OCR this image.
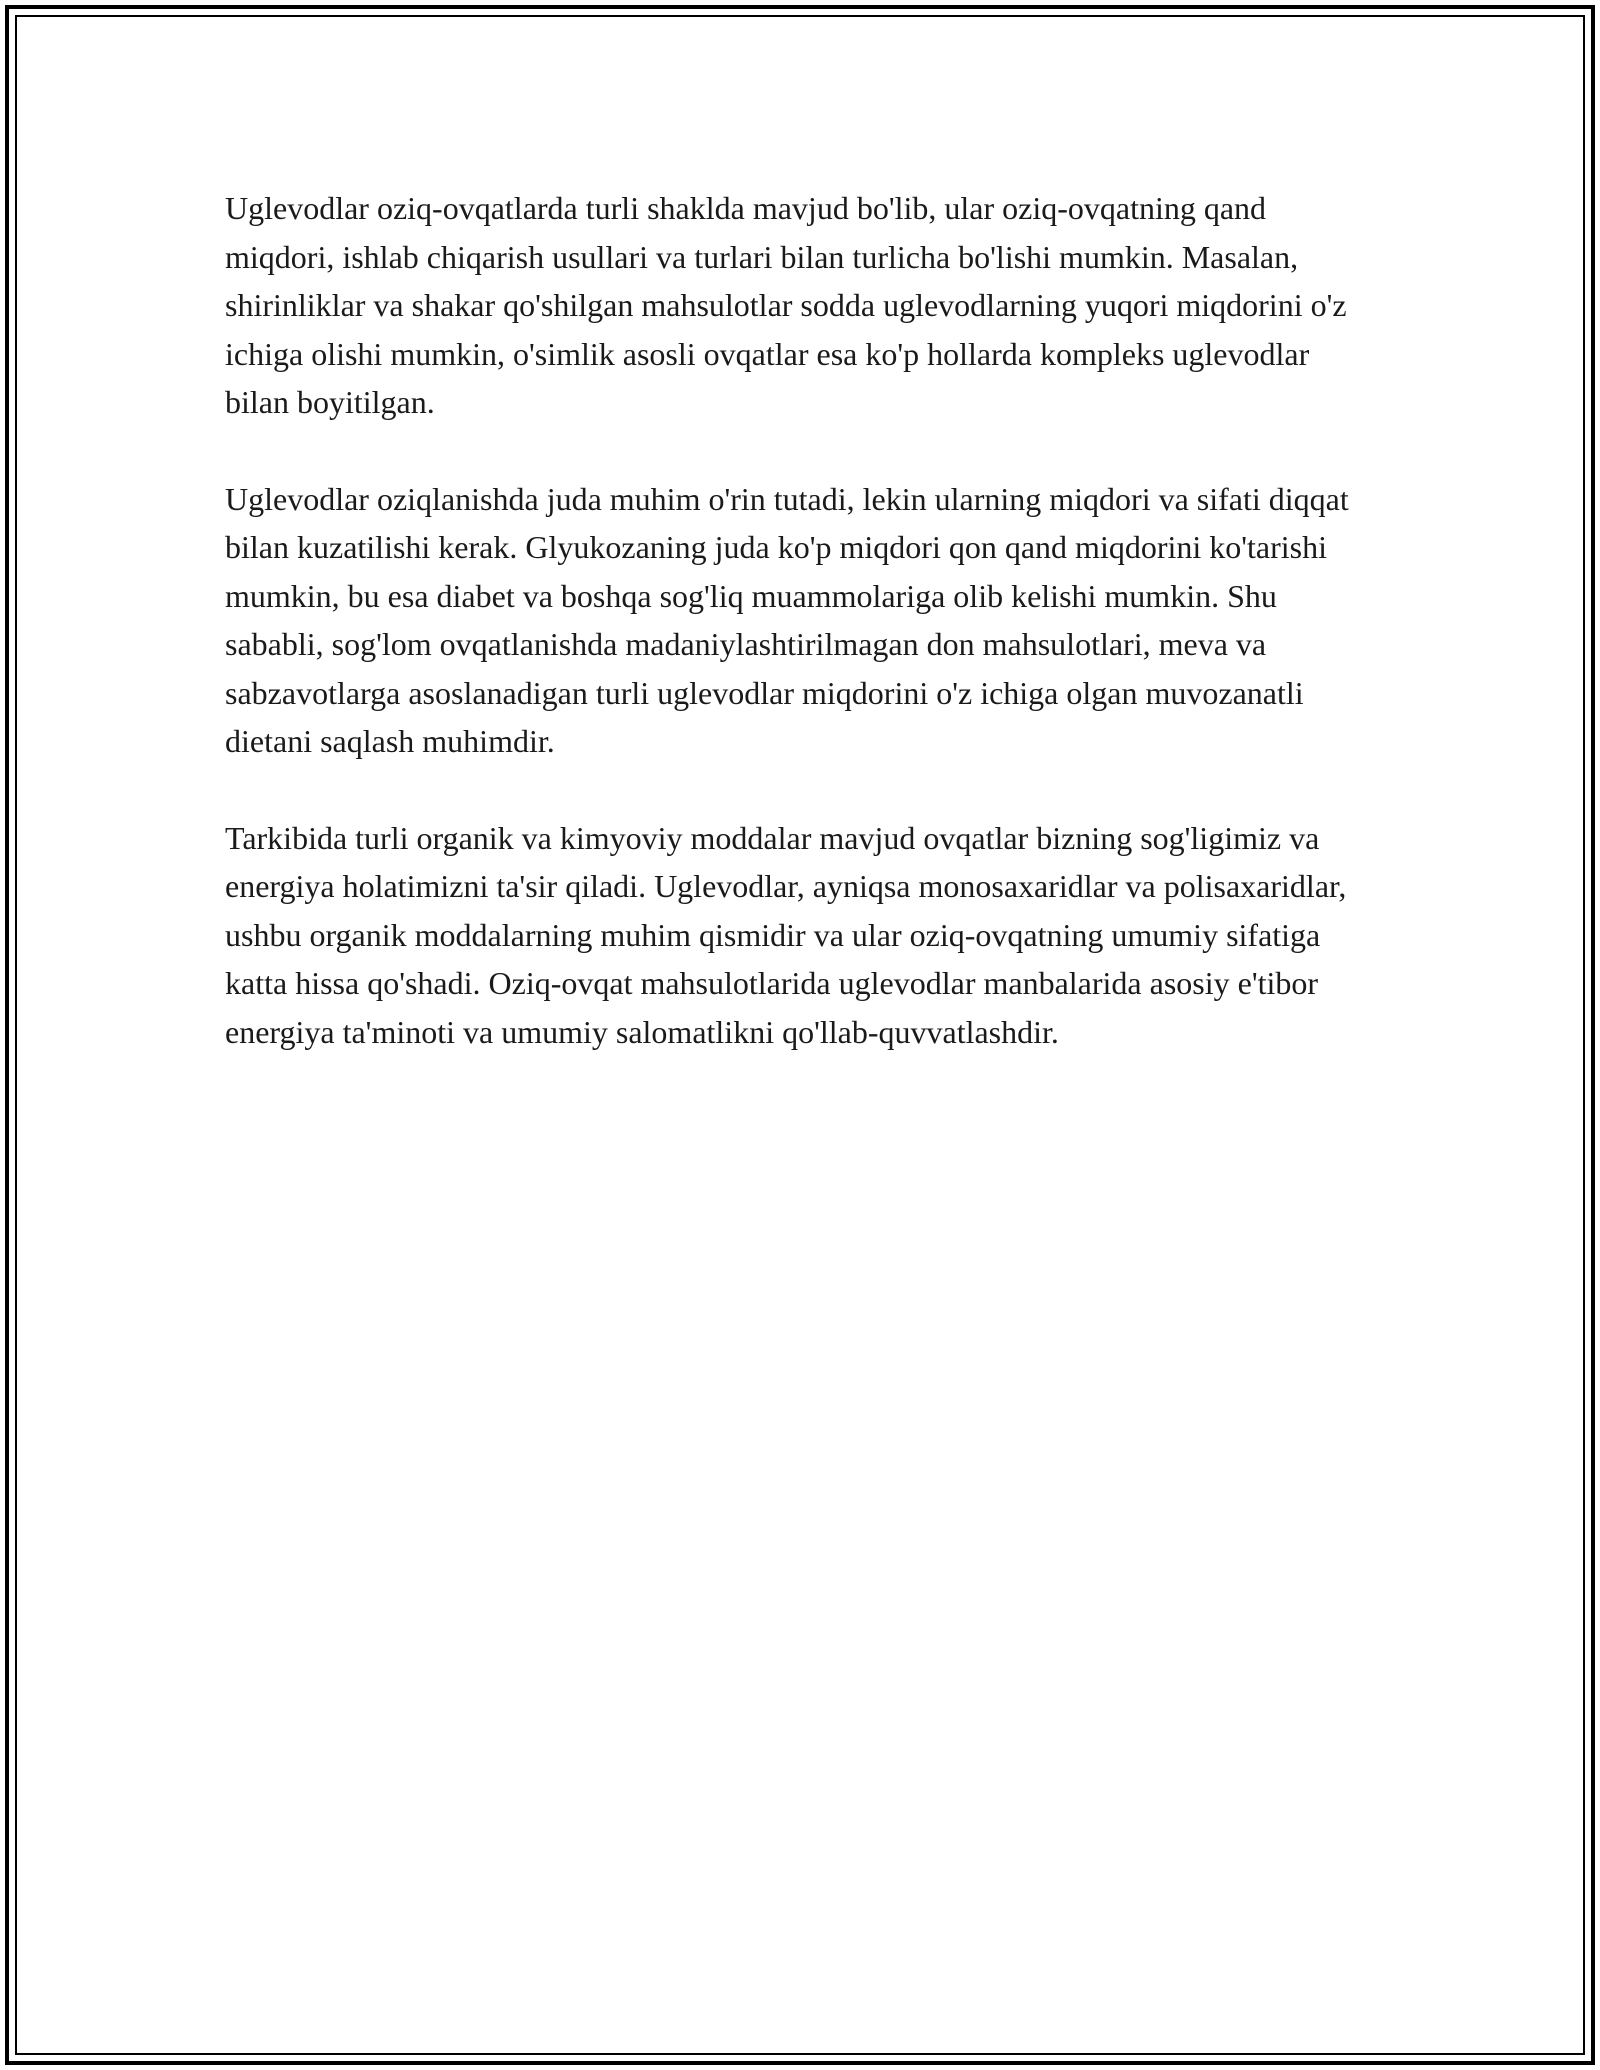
Uglevodlar oziq-ovqatlarda turli shaklda mavjud bo'lib, ular oziq-ovqatning qand miqdori, ishlab chiqarish usullari va turlari bilan turlicha bo'lishi mumkin. Masalan, shirinliklar va shakar qo'shilgan mahsulotlar sodda uglevodlarning yuqori miqdorini o'z ichiga olishi mumkin, o'simlik asosli ovqatlar esa ko'p hollarda kompleks uglevodlar bilan boyitilgan.

Uglevodlar oziqlanishda juda muhim o'rin tutadi, lekin ularning miqdori va sifati diqqat bilan kuzatilishi kerak. Glyukozaning juda ko'p miqdori qon qand miqdorini ko'tarishi mumkin, bu esa diabet va boshqa sog'liq muammolariga olib kelishi mumkin. Shu sababli, sog'lom ovqatlanishda madaniylashtirilmagan don mahsulotlari, meva va sabzavotlarga asoslanadigan turli uglevodlar miqdorini o'z ichiga olgan muvozanatli dietani saqlash muhimdir.

Tarkibida turli organik va kimyoviy moddalar mavjud ovqatlar bizning sog'ligimiz va energiya holatimizni ta'sir qiladi. Uglevodlar, ayniqsa monosaxaridlar va polisaxaridlar, ushbu organik moddalarning muhim qismidir va ular oziq-ovqatning umumiy sifatiga katta hissa qo'shadi. Oziq-ovqat mahsulotlarida uglevodlar manbalarida asosiy e'tibor energiya ta'minoti va umumiy salomatlikni qo'llab-quvvatlashdir.
